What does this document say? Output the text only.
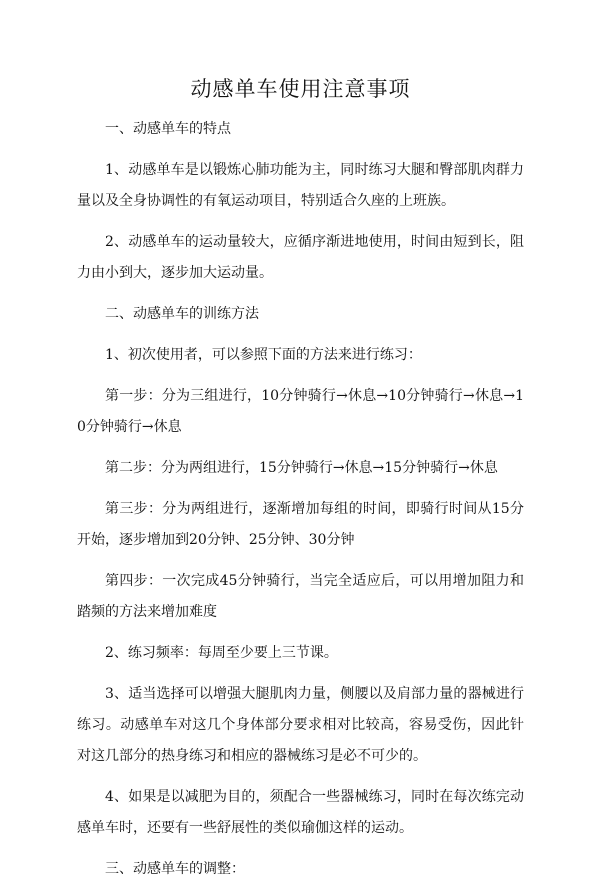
动感单车使用注意事项
一、动感单车的特点
1、动感单车是以锻炼心肺功能为主，同时练习大腿和臀部肌肉群力量以及全身协调性的有氧运动项目，特别适合久座的上班族。
2、动感单车的运动量较大，应循序渐进地使用，时间由短到长，阻力由小到大，逐步加大运动量。
二、动感单车的训练方法
1、初次使用者，可以参照下面的方法来进行练习：
第一步：分为三组进行，10分钟骑行→休息→10分钟骑行→休息→10分钟骑行→休息
第二步：分为两组进行，15分钟骑行→休息→15分钟骑行→休息
第三步：分为两组进行，逐渐增加每组的时间，即骑行时间从15分开始，逐步增加到20分钟、25分钟、30分钟
第四步：一次完成45分钟骑行，当完全适应后，可以用增加阻力和踏频的方法来增加难度
2、练习频率：每周至少要上三节课。
3、适当选择可以增强大腿肌肉力量，侧腰以及肩部力量的器械进行练习。动感单车对这几个身体部分要求相对比较高，容易受伤，因此针对这几部分的热身练习和相应的器械练习是必不可少的。
4、如果是以减肥为目的，须配合一些器械练习，同时在每次练完动感单车时，还要有一些舒展性的类似瑜伽这样的运动。
三、动感单车的调整：
